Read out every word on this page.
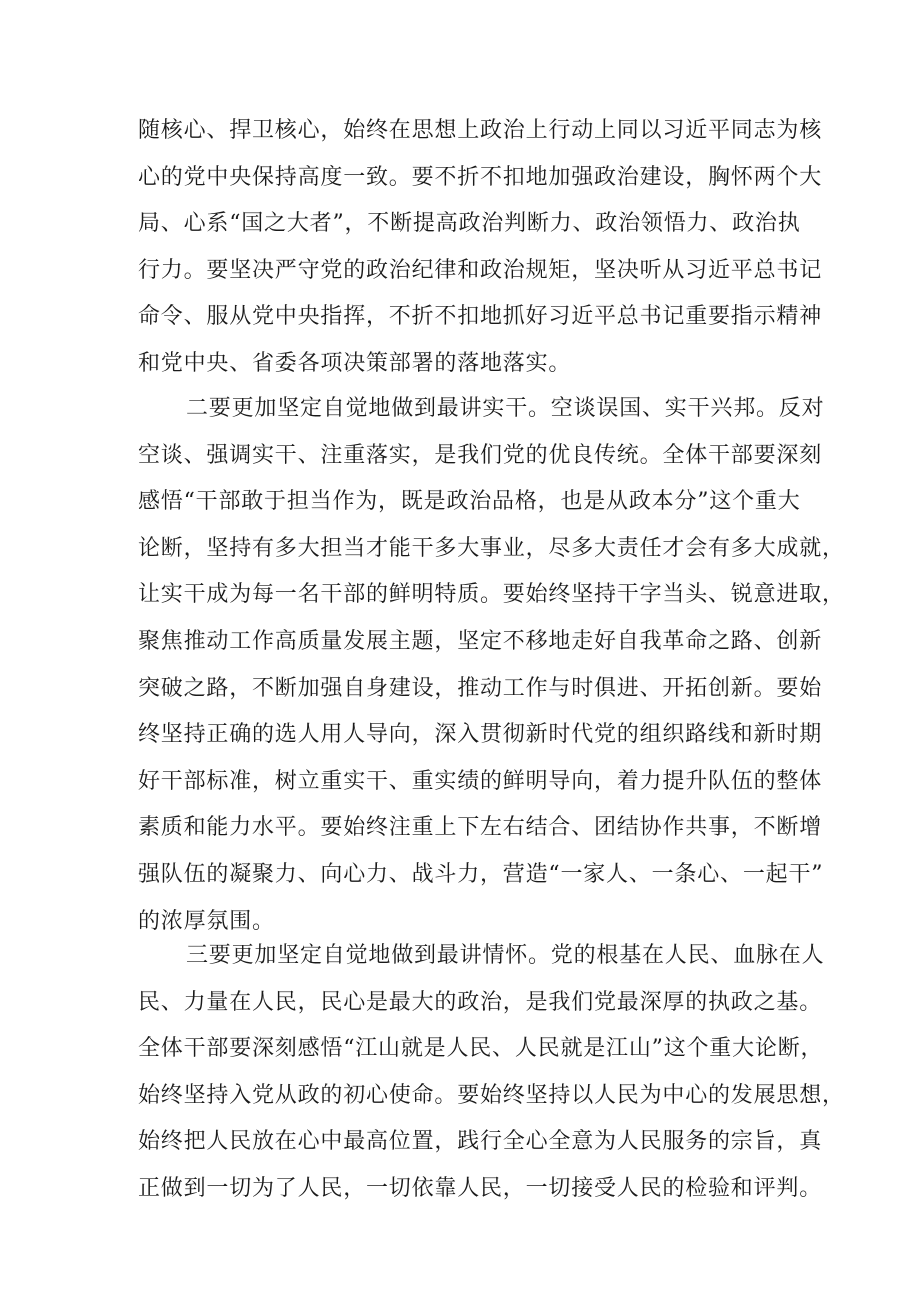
随核心、捍卫核心，始终在思想上政治上行动上同以习近平同志为核
心的党中央保持高度一致。要不折不扣地加强政治建设，胸怀两个大
局、心系“国之大者”，不断提高政治判断力、政治领悟力、政治执
行力。要坚决严守党的政治纪律和政治规矩，坚决听从习近平总书记
命令、服从党中央指挥，不折不扣地抓好习近平总书记重要指示精神
和党中央、省委各项决策部署的落地落实。
二要更加坚定自觉地做到最讲实干。空谈误国、实干兴邦。反对
空谈、强调实干、注重落实，是我们党的优良传统。全体干部要深刻
感悟“干部敢于担当作为，既是政治品格，也是从政本分”这个重大
论断，坚持有多大担当才能干多大事业，尽多大责任才会有多大成就，
让实干成为每一名干部的鲜明特质。要始终坚持干字当头、锐意进取，
聚焦推动工作高质量发展主题，坚定不移地走好自我革命之路、创新
突破之路，不断加强自身建设，推动工作与时俱进、开拓创新。要始
终坚持正确的选人用人导向，深入贯彻新时代党的组织路线和新时期
好干部标准，树立重实干、重实绩的鲜明导向，着力提升队伍的整体
素质和能力水平。要始终注重上下左右结合、团结协作共事，不断增
强队伍的凝聚力、向心力、战斗力，营造“一家人、一条心、一起干”
的浓厚氛围。
三要更加坚定自觉地做到最讲情怀。党的根基在人民、血脉在人
民、力量在人民，民心是最大的政治，是我们党最深厚的执政之基。
全体干部要深刻感悟“江山就是人民、人民就是江山”这个重大论断，
始终坚持入党从政的初心使命。要始终坚持以人民为中心的发展思想，
始终把人民放在心中最高位置，践行全心全意为人民服务的宗旨，真
正做到一切为了人民，一切依靠人民，一切接受人民的检验和评判。
